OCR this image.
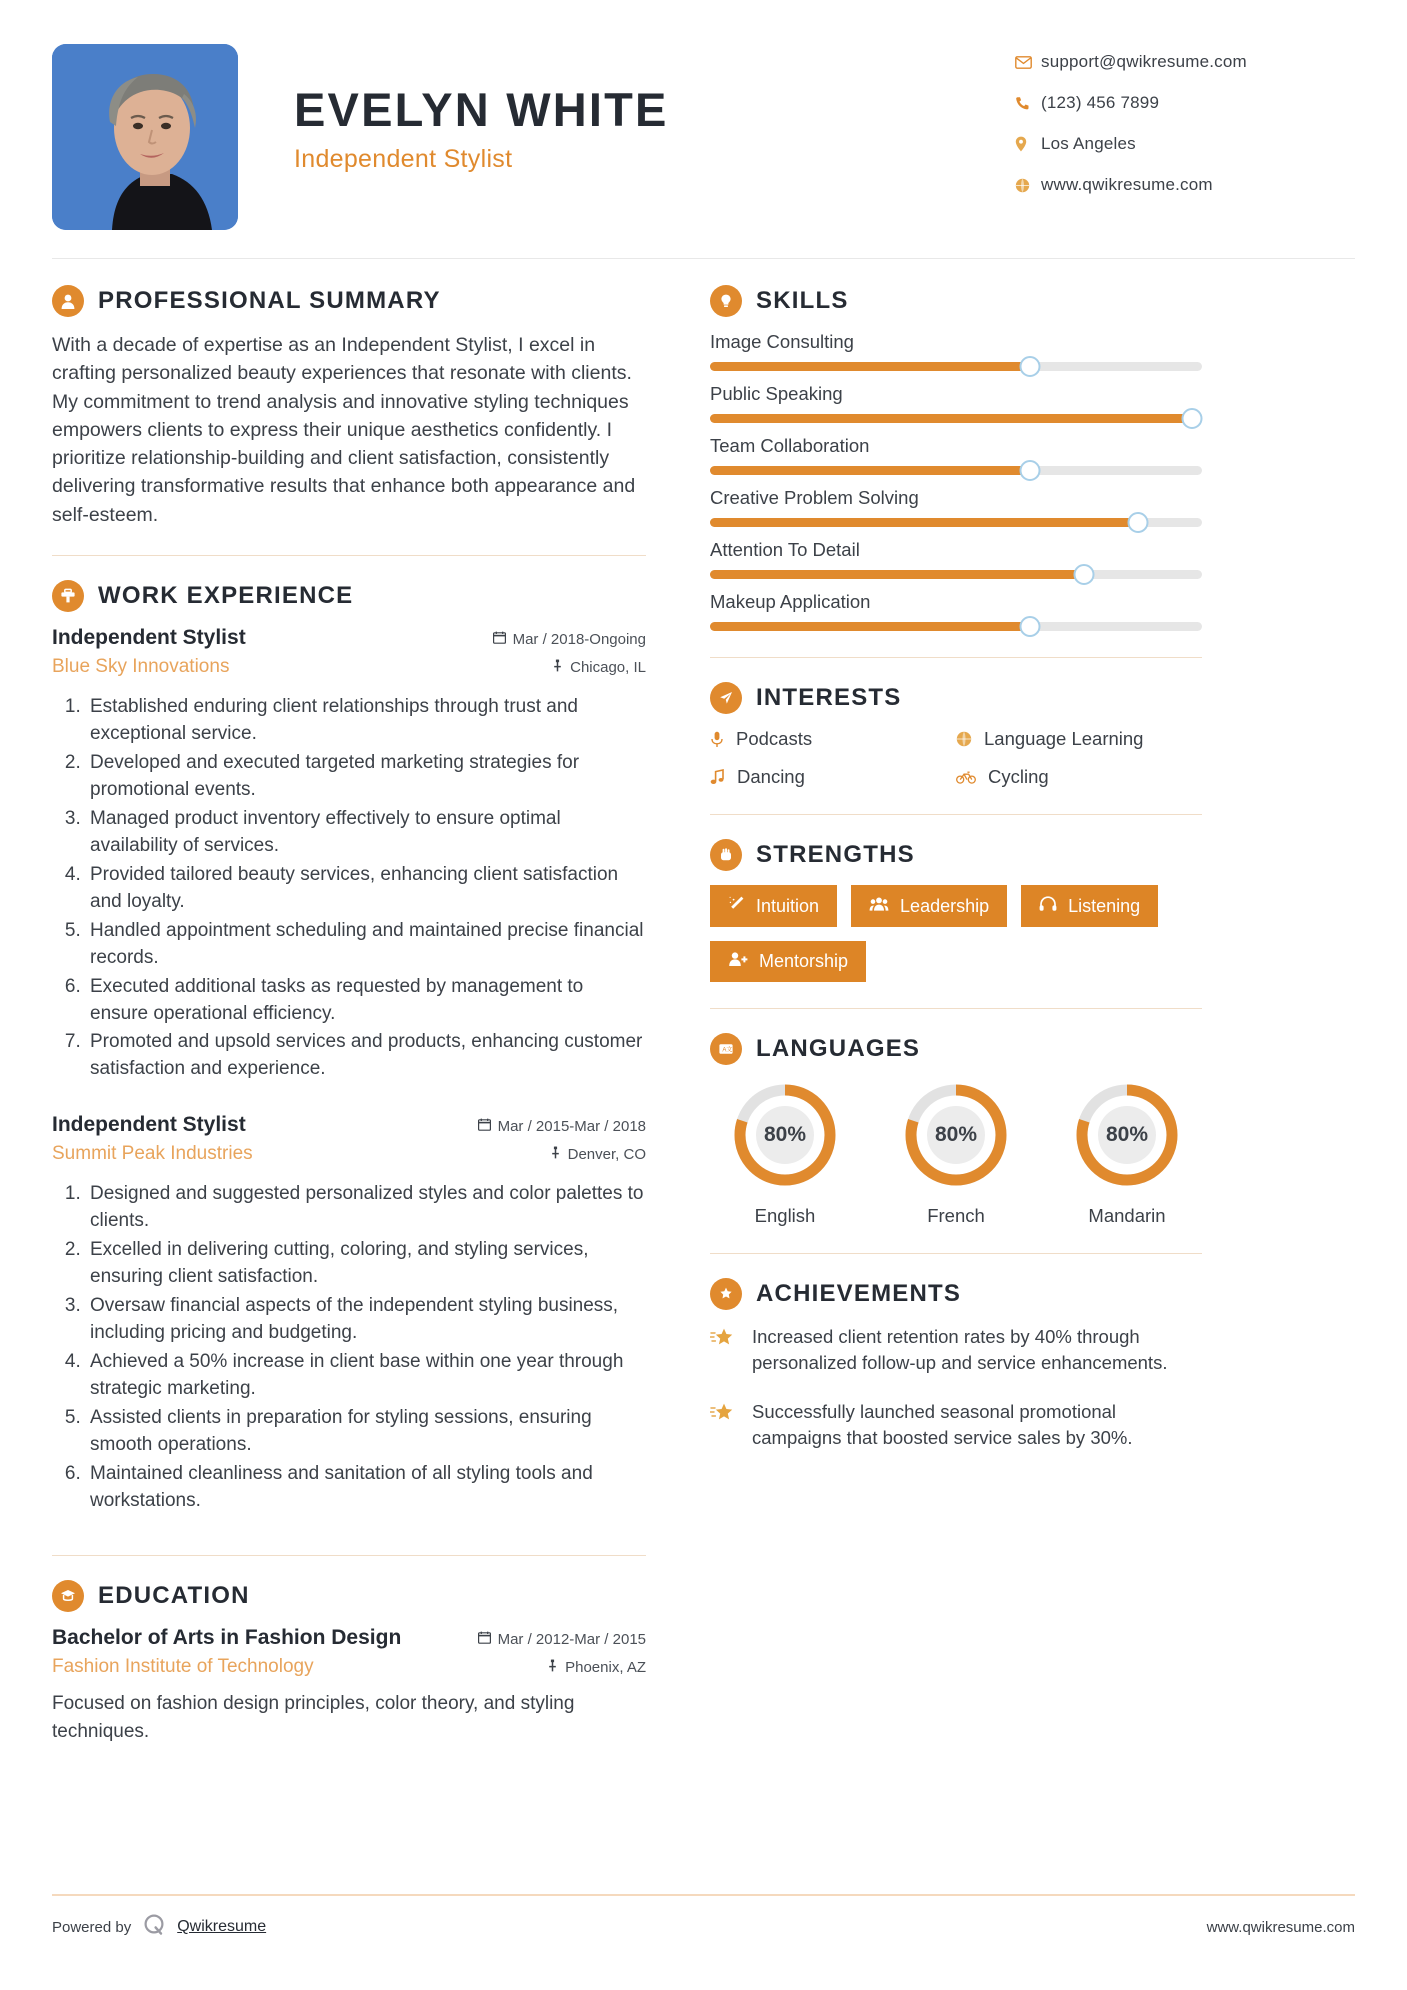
EVELYN WHITE
Independent Stylist
support@qwikresume.com
(123) 456 7899
Los Angeles
www.qwikresume.com
PROFESSIONAL SUMMARY

With a decade of expertise as an Independent Stylist, I excel in crafting personalized beauty experiences that resonate with clients. My commitment to trend analysis and innovative styling techniques empowers clients to express their unique aesthetics confidently. I prioritize relationship-building and client satisfaction, consistently delivering transformative results that enhance both appearance and self-esteem.

WORK EXPERIENCE
Independent Stylist	Mar / 2018-Ongoing
Blue Sky Innovations	Chicago, IL
1. Established enduring client relationships through trust and exceptional service.
2. Developed and executed targeted marketing strategies for promotional events.
3. Managed product inventory effectively to ensure optimal availability of services.
4. Provided tailored beauty services, enhancing client satisfaction and loyalty.
5. Handled appointment scheduling and maintained precise financial records.
6. Executed additional tasks as requested by management to ensure operational efficiency.
7. Promoted and upsold services and products, enhancing customer satisfaction and experience.
Independent Stylist	Mar / 2015-Mar / 2018
Summit Peak Industries	Denver, CO
1. Designed and suggested personalized styles and color palettes to clients.
2. Excelled in delivering cutting, coloring, and styling services, ensuring client satisfaction.
3. Oversaw financial aspects of the independent styling business, including pricing and budgeting.
4. Achieved a 50% increase in client base within one year through strategic marketing.
5. Assisted clients in preparation for styling sessions, ensuring smooth operations.
6. Maintained cleanliness and sanitation of all styling tools and workstations.
EDUCATION
Bachelor of Arts in Fashion Design	Mar / 2012-Mar / 2015
Fashion Institute of Technology	Phoenix, AZ

Focused on fashion design principles, color theory, and styling techniques.

SKILLS
Image Consulting
Public Speaking
Team Collaboration
Creative Problem Solving
Attention To Detail
Makeup Application
INTERESTS
Podcasts	Language Learning
Dancing	Cycling
STRENGTHS
Intuition	Leadership	Listening
Mentorship
A 文 LANGUAGES
80%
English
80%
French
80%
Mandarin
ACHIEVEMENTS
Increased client retention rates by 40% through personalized follow-up and service enhancements.
Successfully launched seasonal promotional campaigns that boosted service sales by 30%.
Powered by	Qwikresume	www.qwikresume.com
